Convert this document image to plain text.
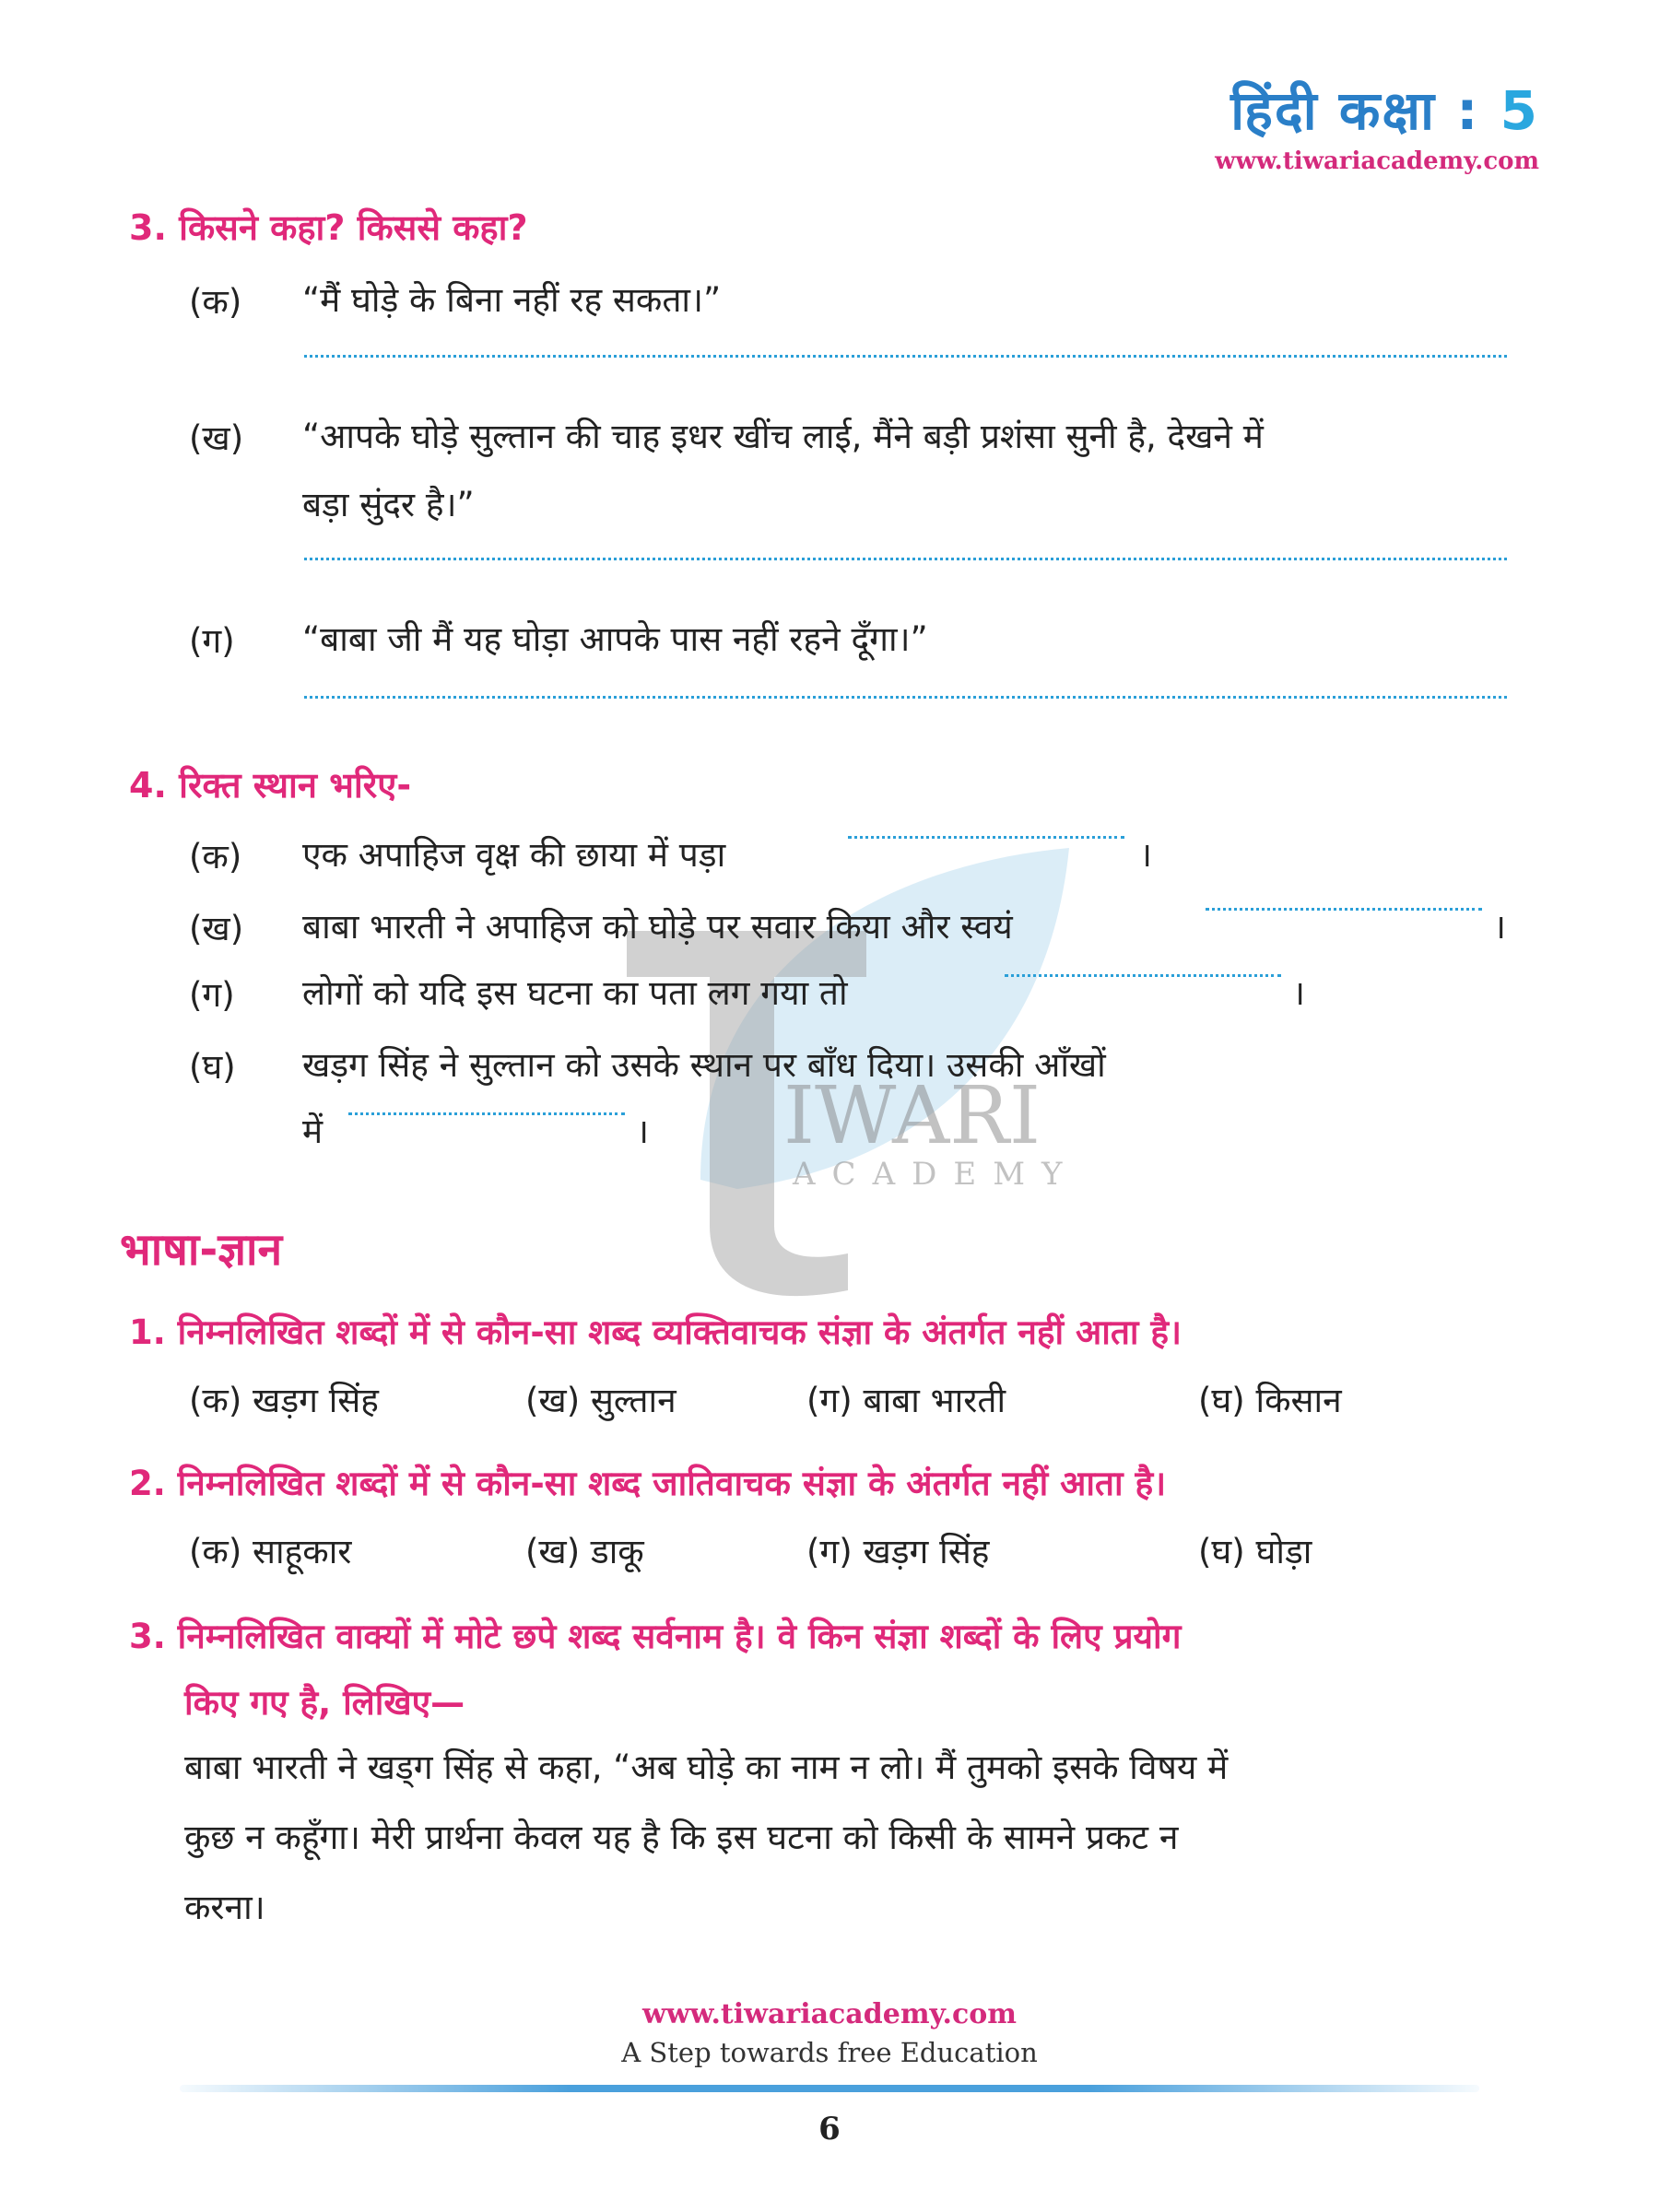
IWARI
ACADEMY
हिंदी कक्षा : 5
www.tiwariacademy.com
3. किसने कहा? किससे कहा?
(क) “मैं घोड़े के बिना नहीं रह सकता।”
(ख) “आपके घोड़े सुल्तान की चाह इधर खींच लाई, मैंने बड़ी प्रशंसा सुनी है, देखने में
बड़ा सुंदर है।”
(ग) “बाबा जी मैं यह घोड़ा आपके पास नहीं रहने दूँगा।”
4. रिक्त स्थान भरिए-
(क) एक अपाहिज वृक्ष की छाया में पड़ा	।
(ख) बाबा भारती ने अपाहिज को घोड़े पर सवार किया और स्वयं	।
(ग) लोगों को यदि इस घटना का पता लग गया तो	।
(घ) खड़ग सिंह ने सुल्तान को उसके स्थान पर बाँध दिया। उसकी आँखों
में	।
भाषा-ज्ञान
1. निम्नलिखित शब्दों में से कौन-सा शब्द व्यक्तिवाचक संज्ञा के अंतर्गत नहीं आता है।
(क) खड़ग सिंह	(ख) सुल्तान	(ग) बाबा भारती	(घ) किसान
2. निम्नलिखित शब्दों में से कौन-सा शब्द जातिवाचक संज्ञा के अंतर्गत नहीं आता है।
(क) साहूकार	(ख) डाकू	(ग) खड़ग सिंह	(घ) घोड़ा
3. निम्नलिखित वाक्यों में मोटे छपे शब्द सर्वनाम है। वे किन संज्ञा शब्दों के लिए प्रयोग
किए गए है, लिखिए—
बाबा भारती ने खड्ग सिंह से कहा, “अब घोड़े का नाम न लो। मैं तुमको इसके विषय में
कुछ न कहूँगा। मेरी प्रार्थना केवल यह है कि इस घटना को किसी के सामने प्रकट न
करना।
www.tiwariacademy.com
A Step towards free Education
6
